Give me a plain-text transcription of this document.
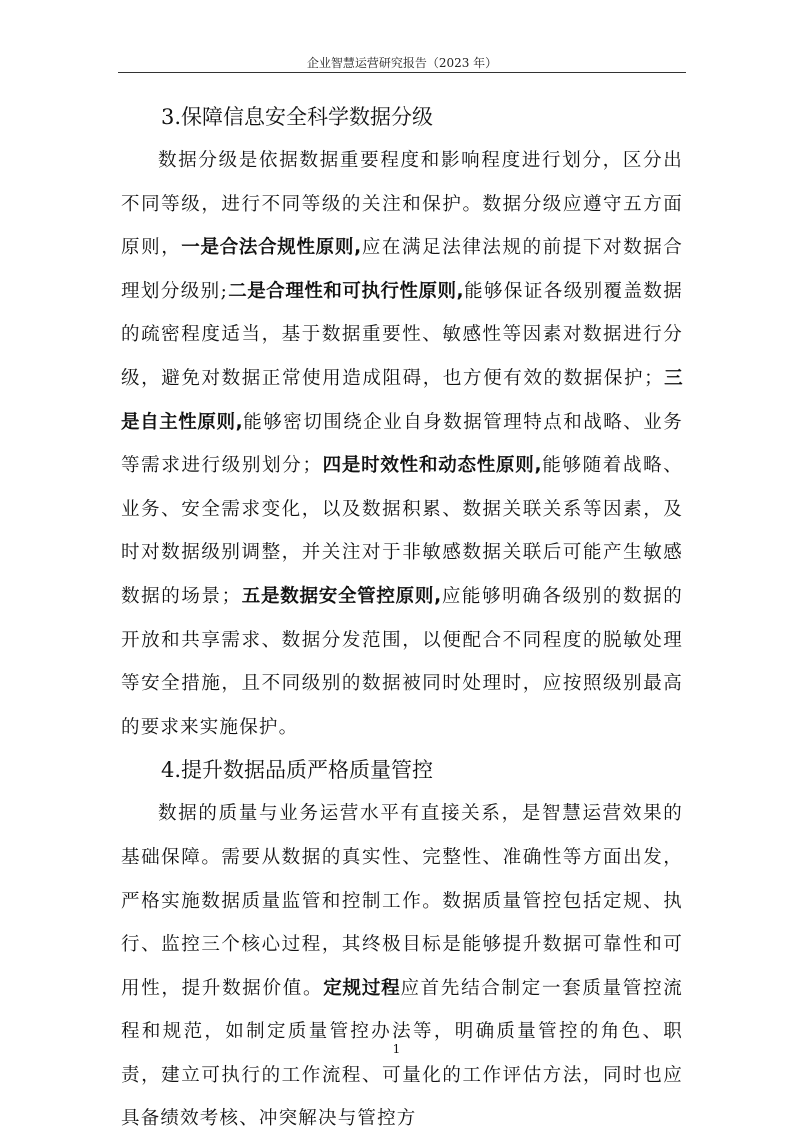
企业智慧运营研究报告（2023 年）
3.保障信息安全科学数据分级

数据分级是依据数据重要程度和影响程度进行划分，区分出不同等级，进行不同等级的关注和保护。数据分级应遵守五方面原则，一是合法合规性原则,应在满足法律法规的前提下对数据合理划分级别;二是合理性和可执行性原则,能够保证各级别覆盖数据的疏密程度适当，基于数据重要性、敏感性等因素对数据进行分级，避免对数据正常使用造成阻碍，也方便有效的数据保护；三是自主性原则,能够密切围绕企业自身数据管理特点和战略、业务等需求进行级别划分；四是时效性和动态性原则,能够随着战略、业务、安全需求变化，以及数据积累、数据关联关系等因素，及时对数据级别调整，并关注对于非敏感数据关联后可能产生敏感数据的场景；五是数据安全管控原则,应能够明确各级别的数据的开放和共享需求、数据分发范围，以便配合不同程度的脱敏处理等安全措施，且不同级别的数据被同时处理时，应按照级别最高的要求来实施保护。

4.提升数据品质严格质量管控

数据的质量与业务运营水平有直接关系，是智慧运营效果的基础保障。需要从数据的真实性、完整性、准确性等方面出发，严格实施数据质量监管和控制工作。数据质量管控包括定规、执行、监控三个核心过程，其终极目标是能够提升数据可靠性和可用性，提升数据价值。定规过程应首先结合制定一套质量管控流程和规范，如制定质量管控办法等，明确质量管控的角色、职责，建立可执行的工作流程、可量化的工作评估方法，同时也应具备绩效考核、冲突解决与管控方

1
